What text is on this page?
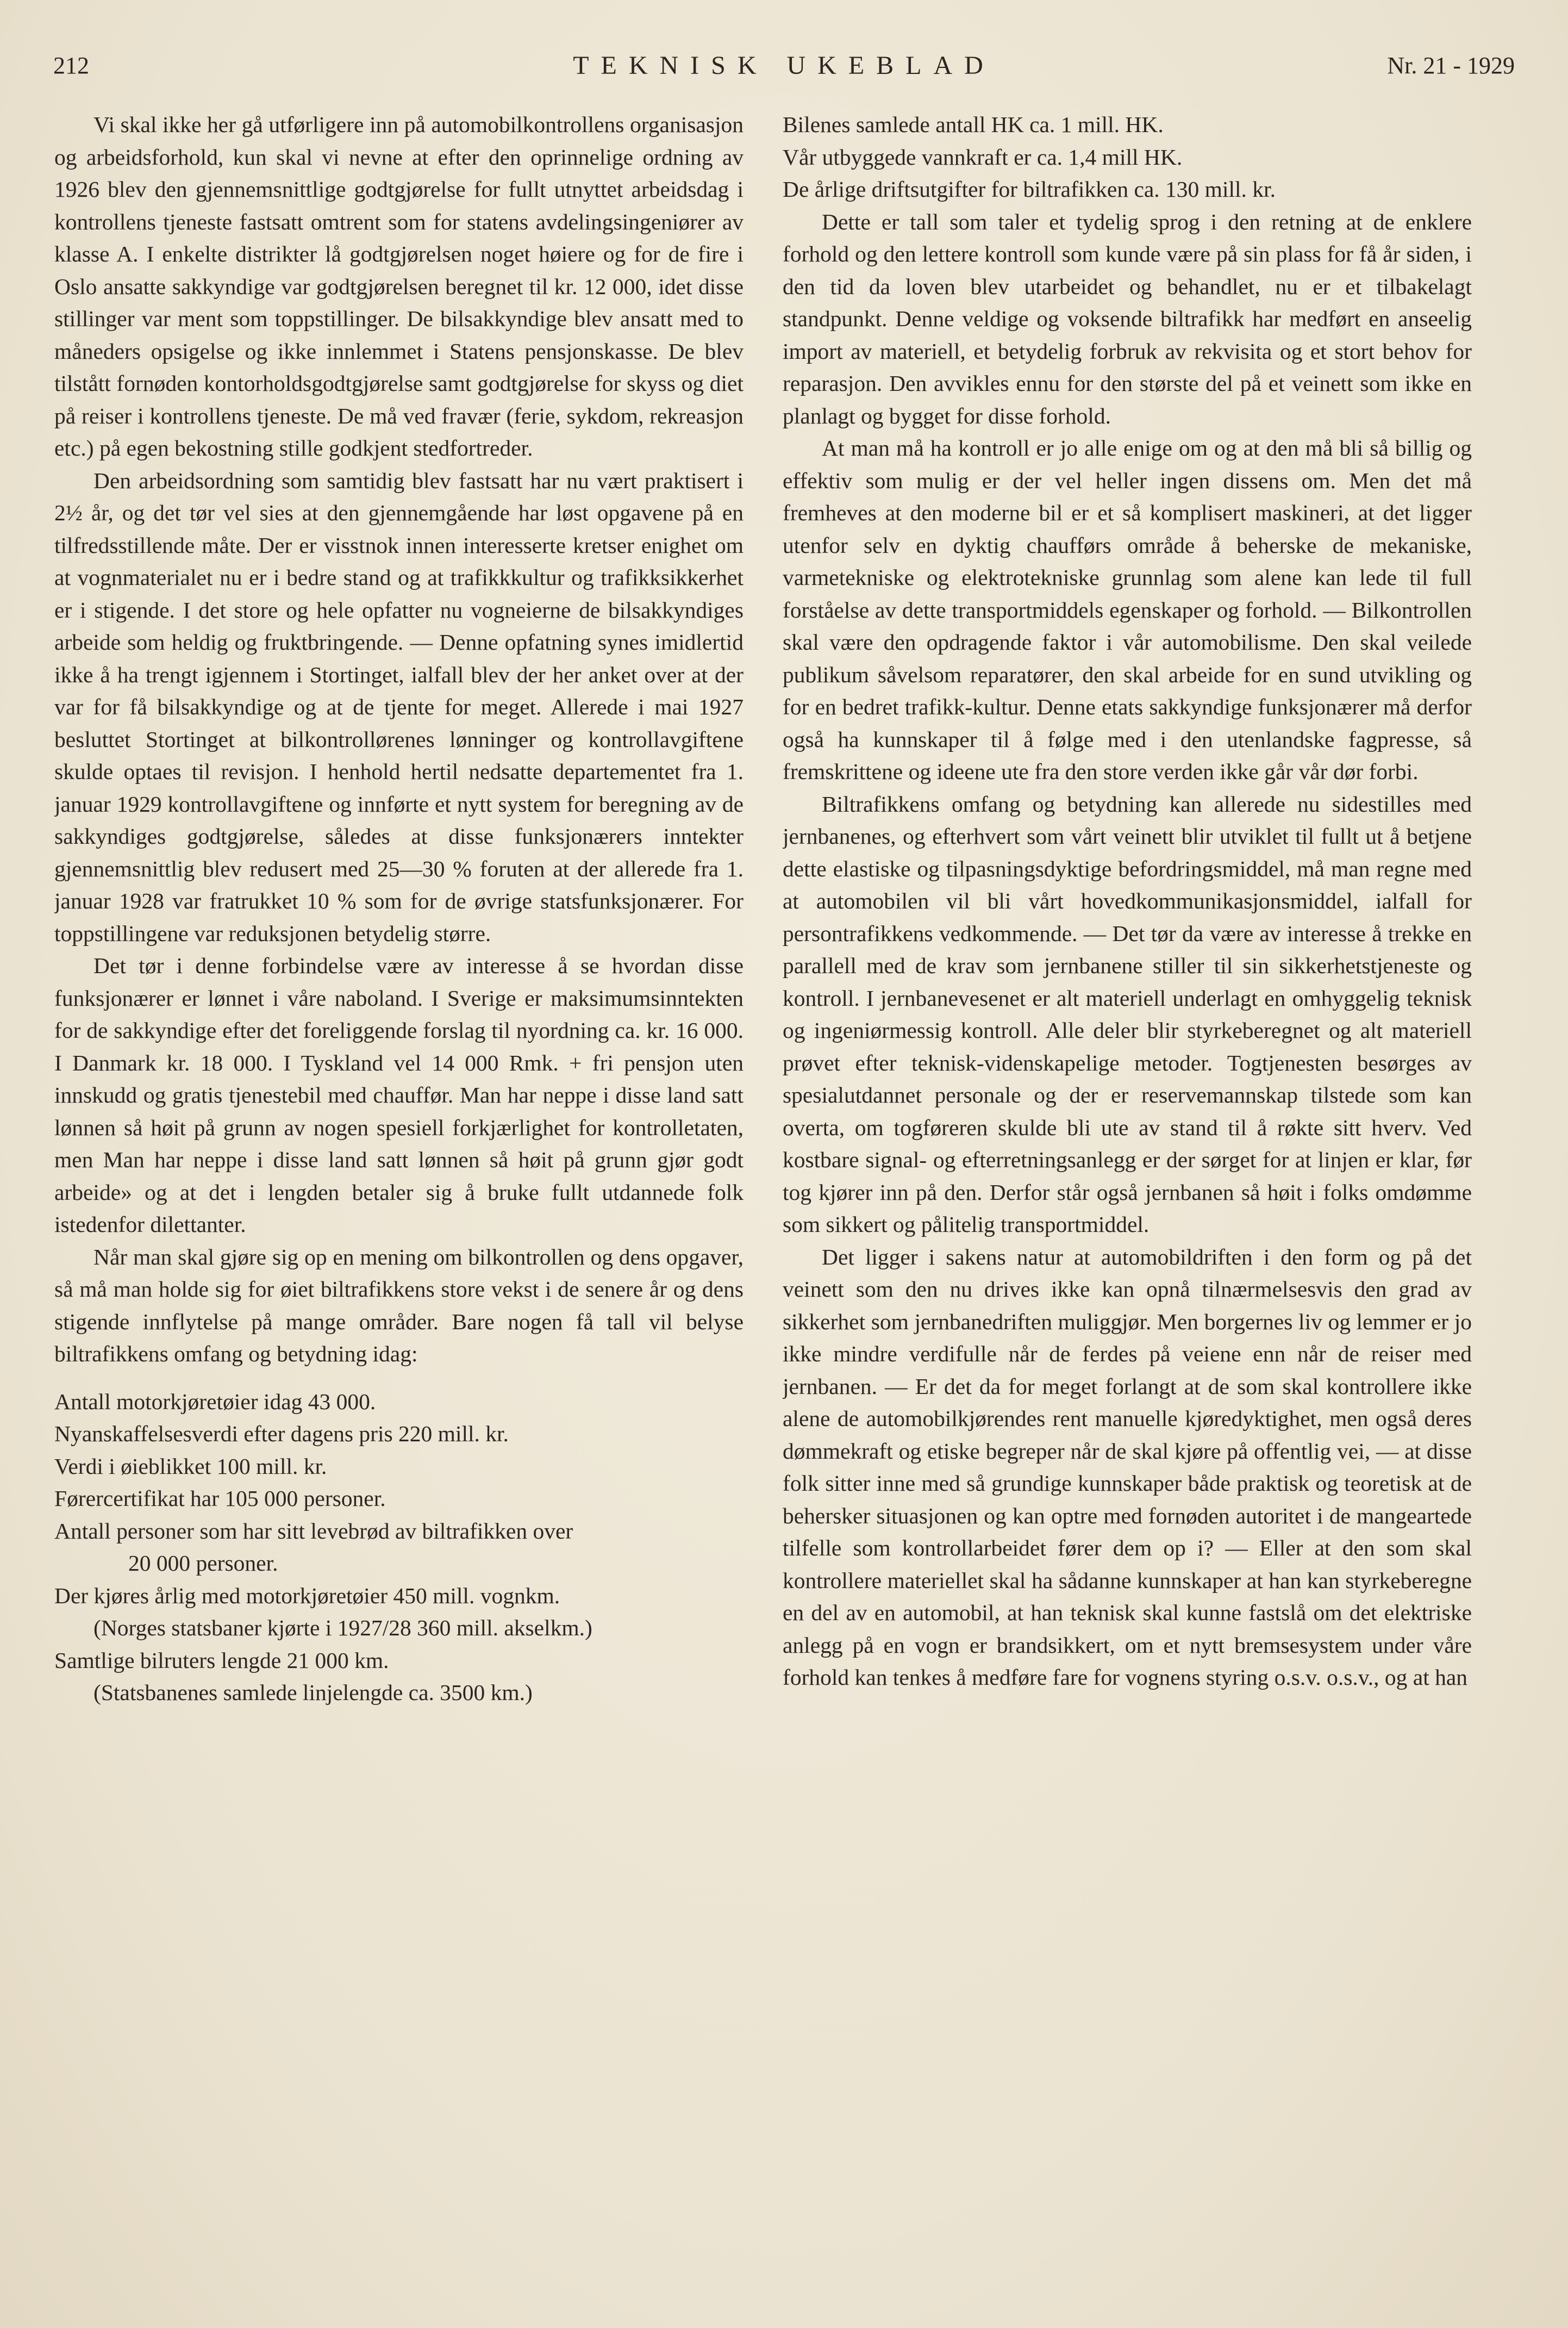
212	TEKNISK UKEBLAD	Nr. 21 - 1929

Vi skal ikke her gå utførligere inn på automobilkontrollens organisasjon og arbeidsforhold, kun skal vi nevne at efter den oprinnelige ordning av 1926 blev den gjennemsnittlige godtgjørelse for fullt utnyttet arbeidsdag i kontrollens tjeneste fastsatt omtrent som for statens avdelingsingeniører av klasse A. I enkelte distrikter lå godtgjørelsen noget høiere og for de fire i Oslo ansatte sakkyndige var godtgjørelsen beregnet til kr. 12 000, idet disse stillinger var ment som toppstillinger. De bilsakkyndige blev ansatt med to måneders opsigelse og ikke innlemmet i Statens pensjonskasse. De blev tilstått fornøden kontorholdsgodtgjørelse samt godtgjørelse for skyss og diet på reiser i kontrollens tjeneste. De må ved fravær (ferie, sykdom, rekreasjon etc.) på egen bekostning stille godkjent stedfortreder.

Den arbeidsordning som samtidig blev fastsatt har nu vært praktisert i 2½ år, og det tør vel sies at den gjennemgående har løst opgavene på en tilfredsstillende måte. Der er visstnok innen interesserte kretser enighet om at vognmaterialet nu er i bedre stand og at trafikkkultur og trafikksikkerhet er i stigende. I det store og hele opfatter nu vogneierne de bilsakkyndiges arbeide som heldig og fruktbringende. — Denne opfatning synes imidlertid ikke å ha trengt igjennem i Stortinget, ialfall blev der her anket over at der var for få bilsakkyndige og at de tjente for meget. Allerede i mai 1927 besluttet Stortinget at bilkontrollørenes lønninger og kontrollavgiftene skulde optaes til revisjon. I henhold hertil nedsatte departementet fra 1. januar 1929 kontrollavgiftene og innførte et nytt system for beregning av de sakkyndiges godtgjørelse, således at disse funksjonærers inntekter gjennemsnittlig blev redusert med 25—30 % foruten at der allerede fra 1. januar 1928 var fratrukket 10 % som for de øvrige statsfunksjonærer. For toppstillingene var reduksjonen betydelig større.

Det tør i denne forbindelse være av interesse å se hvordan disse funksjonærer er lønnet i våre naboland. I Sverige er maksimumsinntekten for de sakkyndige efter det foreliggende forslag til nyordning ca. kr. 16 000. I Danmark kr. 18 000. I Tyskland vel 14 000 Rmk. + fri pensjon uten innskudd og gratis tjenestebil med chauffør. Man har neppe i disse land satt lønnen så høit på grunn av nogen spesiell forkjærlighet for kontrolletaten, men Man har neppe i disse land satt lønnen så høit på grunn gjør godt arbeide» og at det i lengden betaler sig å bruke fullt utdannede folk istedenfor dilettanter.

Når man skal gjøre sig op en mening om bilkontrollen og dens opgaver, så må man holde sig for øiet biltrafikkens store vekst i de senere år og dens stigende innflytelse på mange områder. Bare nogen få tall vil belyse biltrafikkens omfang og betydning idag:

Antall motorkjøretøier idag 43 000.
Nyanskaffelsesverdi efter dagens pris 220 mill. kr.
Verdi i øieblikket 100 mill. kr.
Førercertifikat har 105 000 personer.
Antall personer som har sitt levebrød av biltrafikken over
20 000 personer.
Der kjøres årlig med motorkjøretøier 450 mill. vognkm.
(Norges statsbaner kjørte i 1927/28 360 mill. akselkm.)
Samtlige bilruters lengde 21 000 km.
(Statsbanenes samlede linjelengde ca. 3500 km.)
Bilenes samlede antall HK ca. 1 mill. HK.
Vår utbyggede vannkraft er ca. 1,4 mill HK.
De årlige driftsutgifter for biltrafikken ca. 130 mill. kr.

Dette er tall som taler et tydelig sprog i den retning at de enklere forhold og den lettere kontroll som kunde være på sin plass for få år siden, i den tid da loven blev utarbeidet og behandlet, nu er et tilbakelagt standpunkt. Denne veldige og voksende biltrafikk har medført en anseelig import av materiell, et betydelig forbruk av rekvisita og et stort behov for reparasjon. Den avvikles ennu for den største del på et veinett som ikke en planlagt og bygget for disse forhold.

At man må ha kontroll er jo alle enige om og at den må bli så billig og effektiv som mulig er der vel heller ingen dissens om. Men det må fremheves at den moderne bil er et så komplisert maskineri, at det ligger utenfor selv en dyktig chaufførs område å beherske de mekaniske, varmetekniske og elektrotekniske grunnlag som alene kan lede til full forståelse av dette transportmiddels egenskaper og forhold. — Bilkontrollen skal være den opdragende faktor i vår automobilisme. Den skal veilede publikum såvelsom reparatører, den skal arbeide for en sund utvikling og for en bedret trafikk-kultur. Denne etats sakkyndige funksjonærer må derfor også ha kunnskaper til å følge med i den utenlandske fagpresse, så fremskrittene og ideene ute fra den store verden ikke går vår dør forbi.

Biltrafikkens omfang og betydning kan allerede nu sidestilles med jernbanenes, og efterhvert som vårt veinett blir utviklet til fullt ut å betjene dette elastiske og tilpasningsdyktige befordringsmiddel, må man regne med at automobilen vil bli vårt hovedkommunikasjonsmiddel, ialfall for persontrafikkens vedkommende. — Det tør da være av interesse å trekke en parallell med de krav som jernbanene stiller til sin sikkerhetstjeneste og kontroll. I jernbanevesenet er alt materiell underlagt en omhyggelig teknisk og ingeniørmessig kontroll. Alle deler blir styrkeberegnet og alt materiell prøvet efter teknisk-videnskapelige metoder. Togtjenesten besørges av spesialutdannet personale og der er reservemannskap tilstede som kan overta, om togføreren skulde bli ute av stand til å røkte sitt hverv. Ved kostbare signal- og efterretningsanlegg er der sørget for at linjen er klar, før tog kjører inn på den. Derfor står også jernbanen så høit i folks omdømme som sikkert og pålitelig transportmiddel.

Det ligger i sakens natur at automobildriften i den form og på det veinett som den nu drives ikke kan opnå tilnærmelsesvis den grad av sikkerhet som jernbanedriften muliggjør. Men borgernes liv og lemmer er jo ikke mindre verdifulle når de ferdes på veiene enn når de reiser med jernbanen. — Er det da for meget forlangt at de som skal kontrollere ikke alene de automobilkjørendes rent manuelle kjøredyktighet, men også deres dømmekraft og etiske begreper når de skal kjøre på offentlig vei, — at disse folk sitter inne med så grundige kunnskaper både praktisk og teoretisk at de behersker situasjonen og kan optre med fornøden autoritet i de mangeartede tilfelle som kontrollarbeidet fører dem op i? — Eller at den som skal kontrollere materiellet skal ha sådanne kunnskaper at han kan styrkeberegne en del av en automobil, at han teknisk skal kunne fastslå om det elektriske anlegg på en vogn er brandsikkert, om et nytt bremsesystem under våre forhold kan tenkes å medføre fare for vognens styring o.s.v. o.s.v., og at han
